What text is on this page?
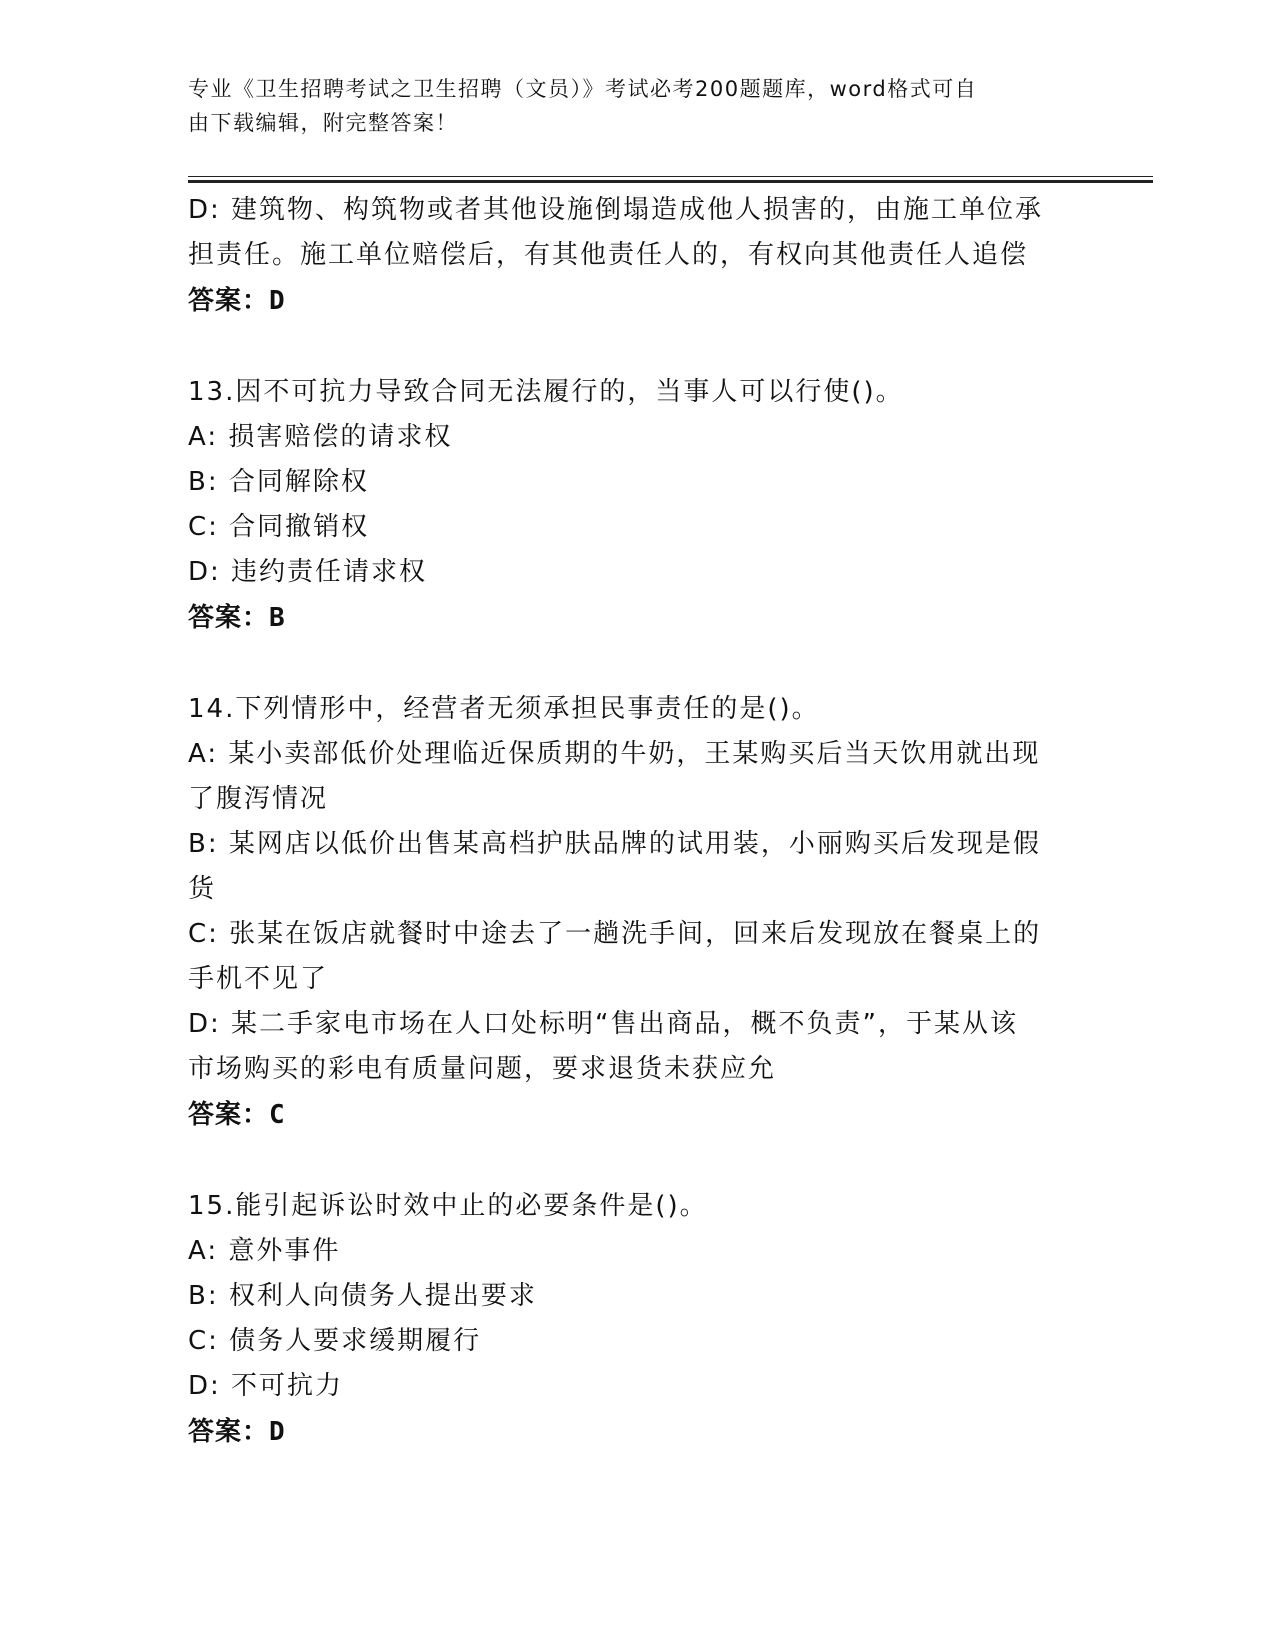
专业《卫生招聘考试之卫生招聘（文员）》考试必考200题题库，word格式可自
由下载编辑，附完整答案！

D: 建筑物、构筑物或者其他设施倒塌造成他人损害的，由施工单位承

担责任。施工单位赔偿后，有其他责任人的，有权向其他责任人追偿

答案：D

13.因不可抗力导致合同无法履行的，当事人可以行使()。

A: 损害赔偿的请求权

B: 合同解除权

C: 合同撤销权

D: 违约责任请求权

答案：B

14.下列情形中，经营者无须承担民事责任的是()。

A: 某小卖部低价处理临近保质期的牛奶，王某购买后当天饮用就出现

了腹泻情况

B: 某网店以低价出售某高档护肤品牌的试用装，小丽购买后发现是假

货

C: 张某在饭店就餐时中途去了一趟洗手间，回来后发现放在餐桌上的

手机不见了

D: 某二手家电市场在人口处标明“售出商品，概不负责”，于某从该

市场购买的彩电有质量问题，要求退货未获应允

答案：C

15.能引起诉讼时效中止的必要条件是()。

A: 意外事件

B: 权利人向债务人提出要求

C: 债务人要求缓期履行

D: 不可抗力

答案：D
